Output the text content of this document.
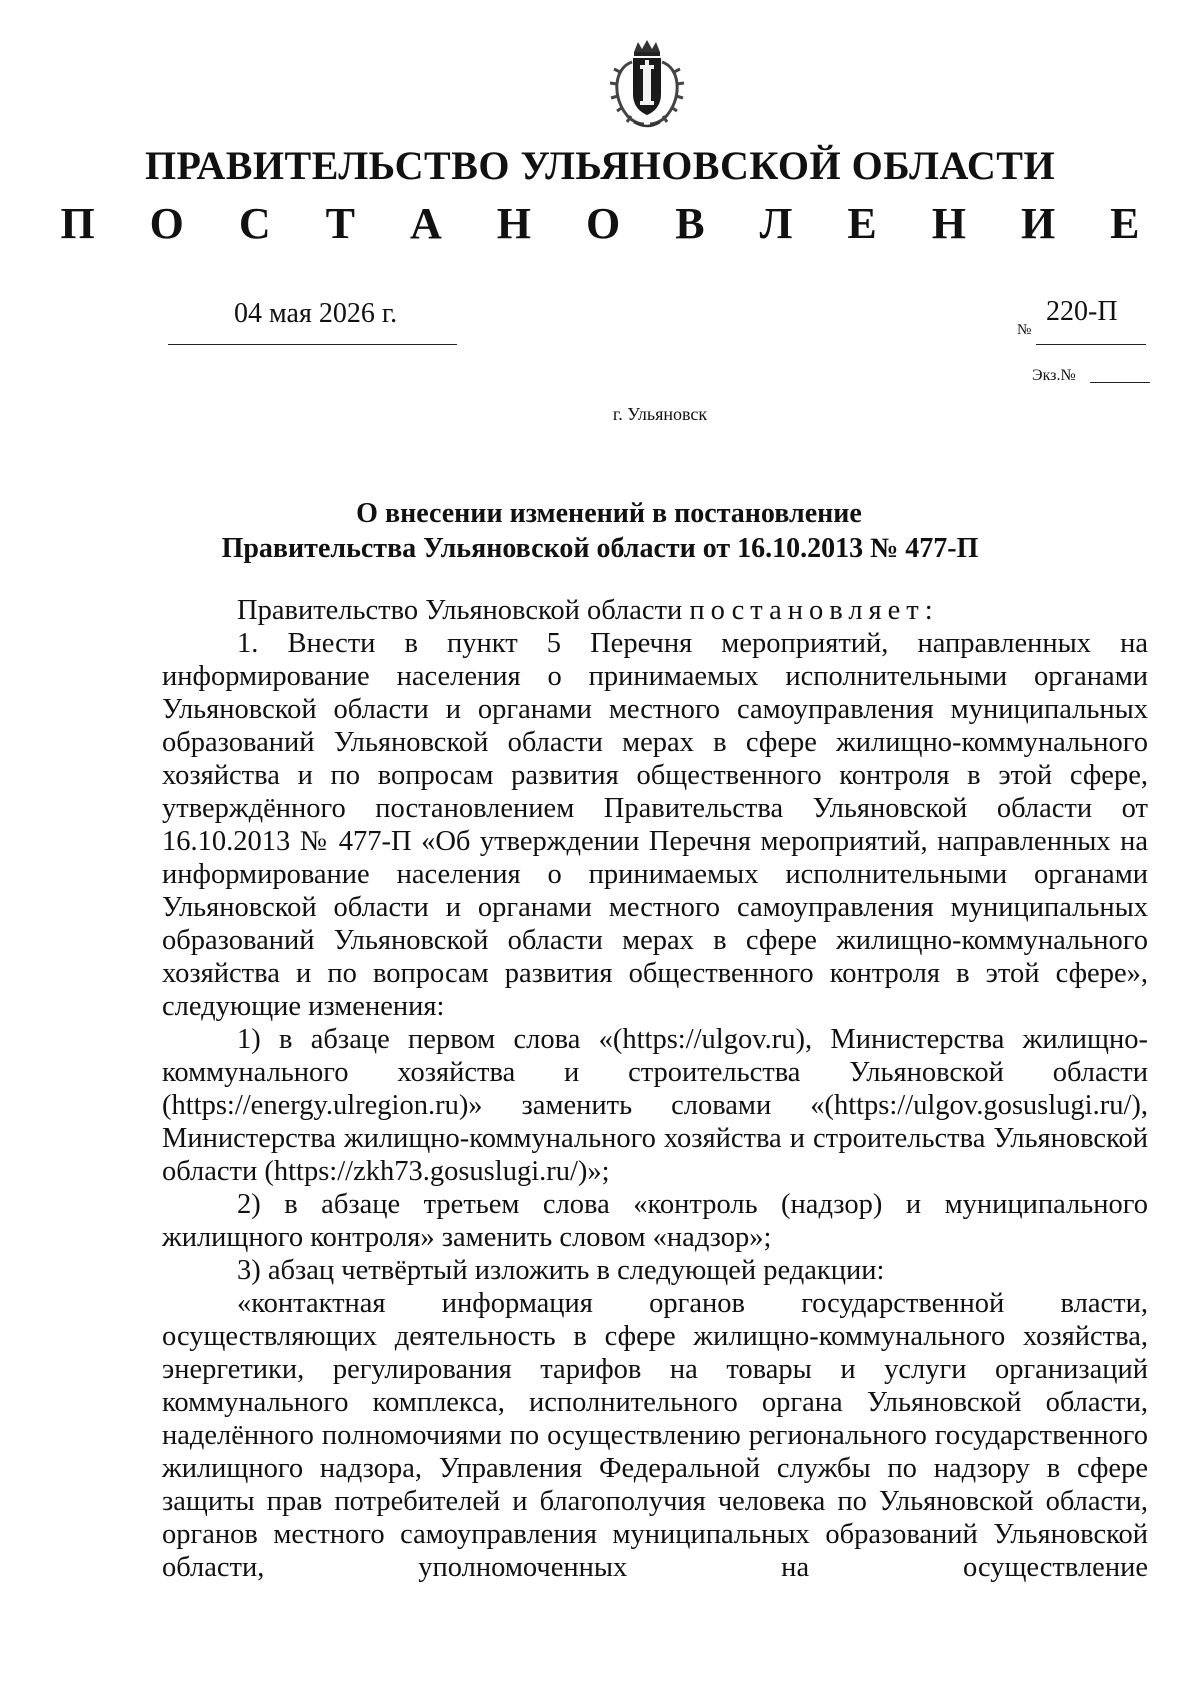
ПРАВИТЕЛЬСТВО УЛЬЯНОВСКОЙ ОБЛАСТИ
П О С Т А Н О В Л Е Н И Е
04 мая 2026 г.
№
220-П
Экз.№
г. Ульяновск
О внесении изменений в постановление
Правительства Ульяновской области от 16.10.2013 № 477-П

Правительство Ульяновской области постановляет:

1. Внести в пункт 5 Перечня мероприятий, направленных на информирование населения о принимаемых исполнительными органами Ульяновской области и органами местного самоуправления муниципальных образований Ульяновской области мерах в сфере жилищно-коммунального хозяйства и по вопросам развития общественного контроля в этой сфере, утверждённого постановлением Правительства Ульяновской области от 16.10.2013 № 477-П «Об утверждении Перечня мероприятий, направленных на информирование населения о принимаемых исполнительными органами Ульяновской области и органами местного самоуправления муниципальных образований Ульяновской области мерах в сфере жилищно-коммунального хозяйства и по вопросам развития общественного контроля в этой сфере», следующие изменения:

1) в абзаце первом слова «(https://ulgov.ru), Министерства жилищно-коммунального хозяйства и строительства Ульяновской области (https://energy.ulregion.ru)» заменить словами «(https://ulgov.gosuslugi.ru/), Министерства жилищно-коммунального хозяйства и строительства Ульяновской области (https://zkh73.gosuslugi.ru/)»;

2) в абзаце третьем слова «контроль (надзор) и муниципального жилищного контроля» заменить словом «надзор»;

3) абзац четвёртый изложить в следующей редакции:

«контактная информация органов государственной власти, осуществляющих деятельность в сфере жилищно-коммунального хозяйства, энергетики, регулирования тарифов на товары и услуги организаций коммунального комплекса, исполнительного органа Ульяновской области, наделённого полномочиями по осуществлению регионального государственного жилищного надзора, Управления Федеральной службы по надзору в сфере защиты прав потребителей и благополучия человека по Ульяновской области, органов местного самоуправления муниципальных образований Ульяновской области, уполномоченных на осуществление
